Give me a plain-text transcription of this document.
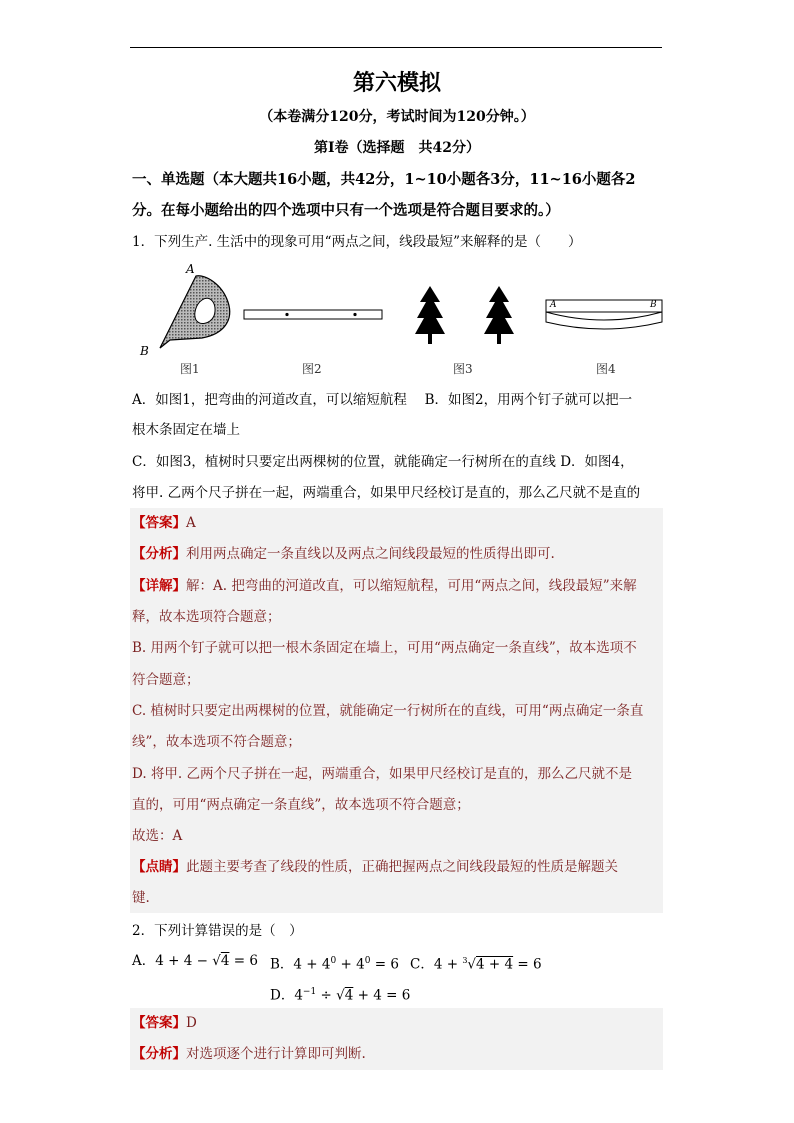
第六模拟
（本卷满分120分，考试时间为120分钟。）
第Ⅰ卷（选择题　共42分）
一、单选题（本大题共16小题，共42分，1~10小题各3分，11~16小题各2
分。在每小题给出的四个选项中只有一个选项是符合题目要求的。）
1．下列生产. 生活中的现象可用“两点之间，线段最短”来解释的是（　　）
A
B
A	B
图1	图2	图3	图4
A．如图1，把弯曲的河道改直，可以缩短航程　 B．如图2，用两个钉子就可以把一
根木条固定在墙上
C．如图3，植树时只要定出两棵树的位置，就能确定一行树所在的直线 D．如图4，
将甲. 乙两个尺子拼在一起，两端重合，如果甲尺经校订是直的，那么乙尺就不是直的
【答案】A
【分析】利用两点确定一条直线以及两点之间线段最短的性质得出即可.
【详解】解：A. 把弯曲的河道改直，可以缩短航程，可用“两点之间，线段最短”来解
释，故本选项符合题意；
B. 用两个钉子就可以把一根木条固定在墙上，可用“两点确定一条直线”，故本选项不
符合题意；
C. 植树时只要定出两棵树的位置，就能确定一行树所在的直线，可用“两点确定一条直
线”，故本选项不符合题意；
D. 将甲. 乙两个尺子拼在一起，两端重合，如果甲尺经校订是直的，那么乙尺就不是
直的，可用“两点确定一条直线”，故本选项不符合题意；
故选：A
【点睛】此题主要考查了线段的性质，正确把握两点之间线段最短的性质是解题关
键.
2．下列计算错误的是（　）
A．4 + 4 − √4 = 6 B．$4 + 4^0 + 4^0 = 6$ C．4 + $^3$√4 + 4 = 6
D．$4^{-1} \div √4 + 4 = 6$
【答案】D
【分析】对选项逐个进行计算即可判断.
